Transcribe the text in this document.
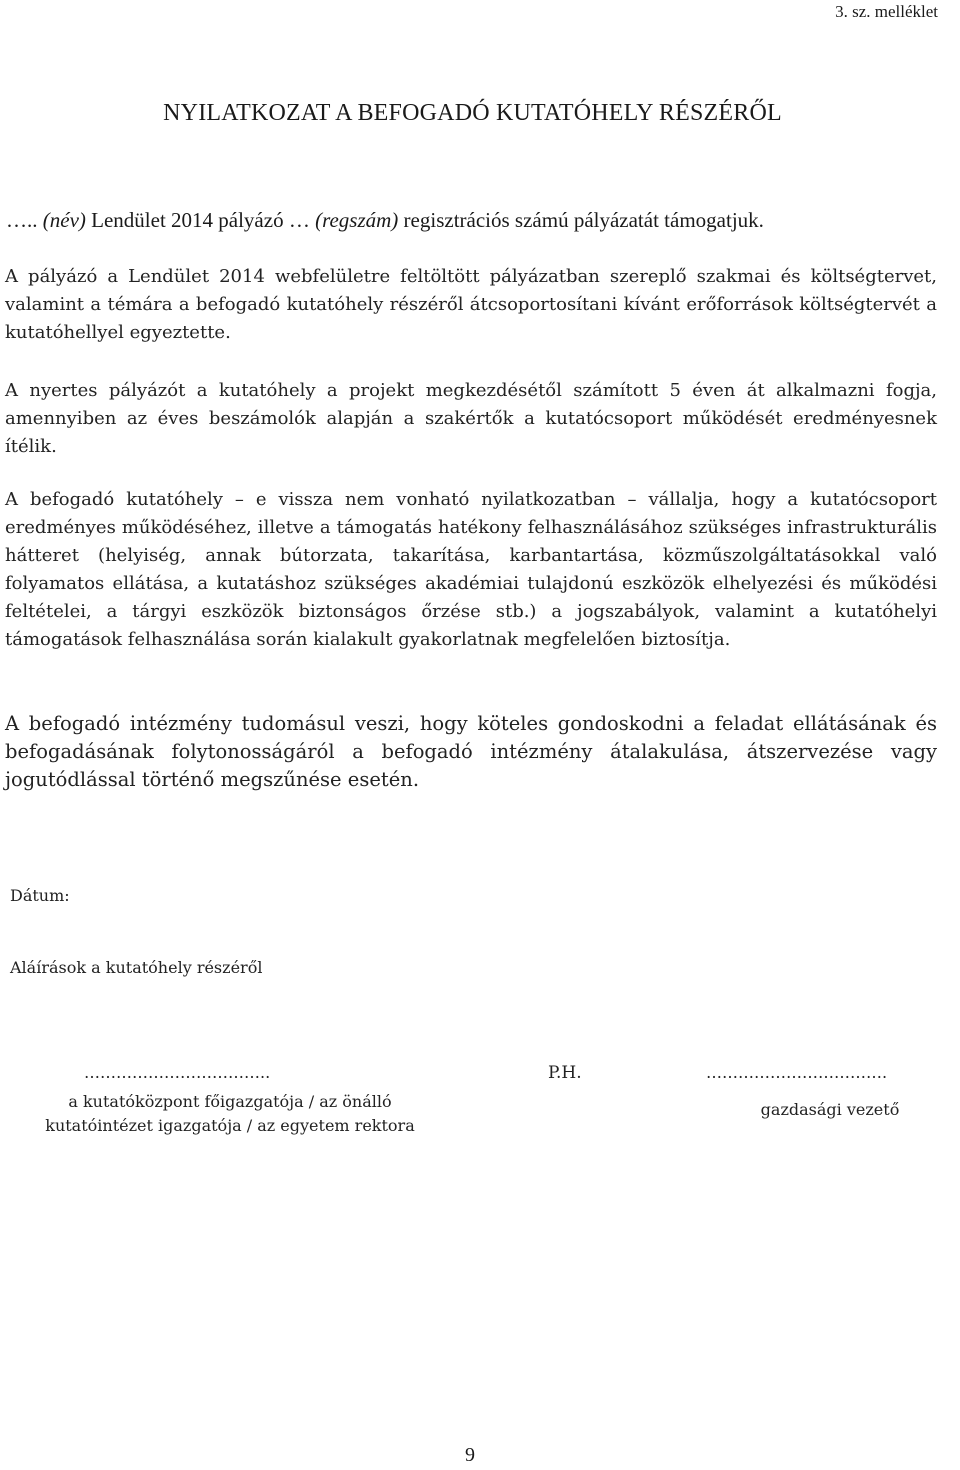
3. sz. melléklet
NYILATKOZAT A BEFOGADÓ KUTATÓHELY RÉSZÉRŐL
….. (név) Lendület 2014 pályázó … (regszám) regisztrációs számú pályázatát támogatjuk.

A pályázó a Lendület 2014 webfelületre feltöltött pályázatban szereplő szakmai és költségtervet, valamint a témára a befogadó kutatóhely részéről átcsoportosítani kívánt erőforrások költségtervét a kutatóhellyel egyeztette.

A nyertes pályázót a kutatóhely a projekt megkezdésétől számított 5 éven át alkalmazni fogja, amennyiben az éves beszámolók alapján a szakértők a kutatócsoport működését eredményesnek ítélik.

A befogadó kutatóhely – e vissza nem vonható nyilatkozatban – vállalja, hogy a kutatócsoport eredményes működéséhez, illetve a támogatás hatékony felhasználásához szükséges infrastrukturális hátteret (helyiség, annak bútorzata, takarítása, karbantartása, közműszolgáltatásokkal való folyamatos ellátása, a kutatáshoz szükséges akadémiai tulajdonú eszközök elhelyezési és működési feltételei, a tárgyi eszközök biztonságos őrzése stb.) a jogszabályok, valamint a kutatóhelyi támogatások felhasználása során kialakult gyakorlatnak megfelelően biztosítja.

A befogadó intézmény tudomásul veszi, hogy köteles gondoskodni a feladat ellátásának és befogadásának folytonosságáról a befogadó intézmény átalakulása, átszervezése vagy jogutódlással történő megszűnése esetén.

Dátum:
Aláírások a kutatóhely részéről
……………………………..	P.H.	…………………………….
a kutatóközpont főigazgatója / az önálló
kutatóintézet igazgatója / az egyetem rektora
gazdasági vezető
9
